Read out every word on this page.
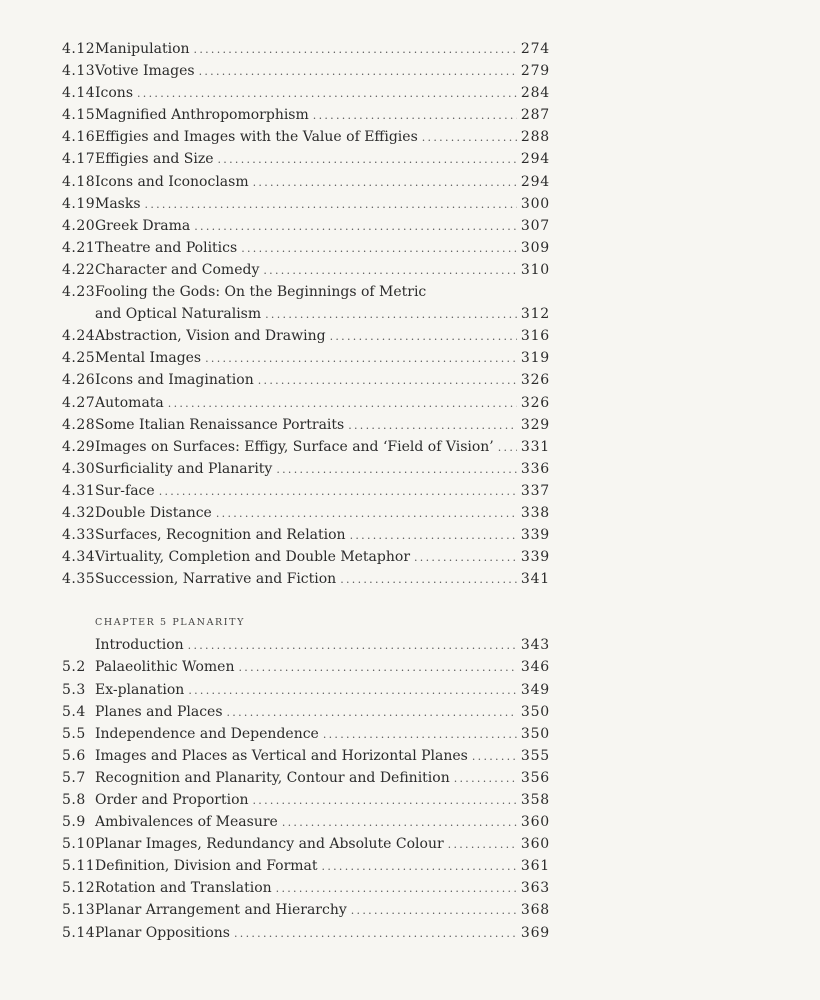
4.12 Manipulation .....	274
4.13 Votive Images .....	279
4.14 Icons .....	284
4.15 Magnified Anthropomorphism .....	287
4.16 Effigies and Images with the Value of Effigies .....	288
4.17 Effigies and Size .....	294
4.18 Icons and Iconoclasm .....	294
4.19 Masks .....	300
4.20 Greek Drama .....	307
4.21 Theatre and Politics .....	309
4.22 Character and Comedy .....	310
4.23 Fooling the Gods: On the Beginnings of Metric
and Optical Naturalism .....	312
4.24 Abstraction, Vision and Drawing .....	316
4.25 Mental Images .....	319
4.26 Icons and Imagination .....	326
4.27 Automata .....	326
4.28 Some Italian Renaissance Portraits .....	329
4.29 Images on Surfaces: Effigy, Surface and ‘Field of Vision’ ..... 331
4.30 Surficiality and Planarity .....	336
4.31 Sur-face .....	337
4.32 Double Distance .....	338
4.33 Surfaces, Recognition and Relation .....	339
4.34 Virtuality, Completion and Double Metaphor .....	339
4.35 Succession, Narrative and Fiction .....	341
CHAPTER 5 PLANARITY
Introduction .....	343
5.2 Palaeolithic Women .....	346
5.3 Ex-planation .....	349
5.4 Planes and Places .....	350
5.5 Independence and Dependence .....	350
5.6 Images and Places as Vertical and Horizontal Planes .....	355
5.7 Recognition and Planarity, Contour and Definition .....	356
5.8 Order and Proportion .....	358
5.9 Ambivalences of Measure .....	360
5.10 Planar Images, Redundancy and Absolute Colour .....	360
5.11 Definition, Division and Format .....	361
5.12 Rotation and Translation .....	363
5.13 Planar Arrangement and Hierarchy .....	368
5.14 Planar Oppositions .....	369
